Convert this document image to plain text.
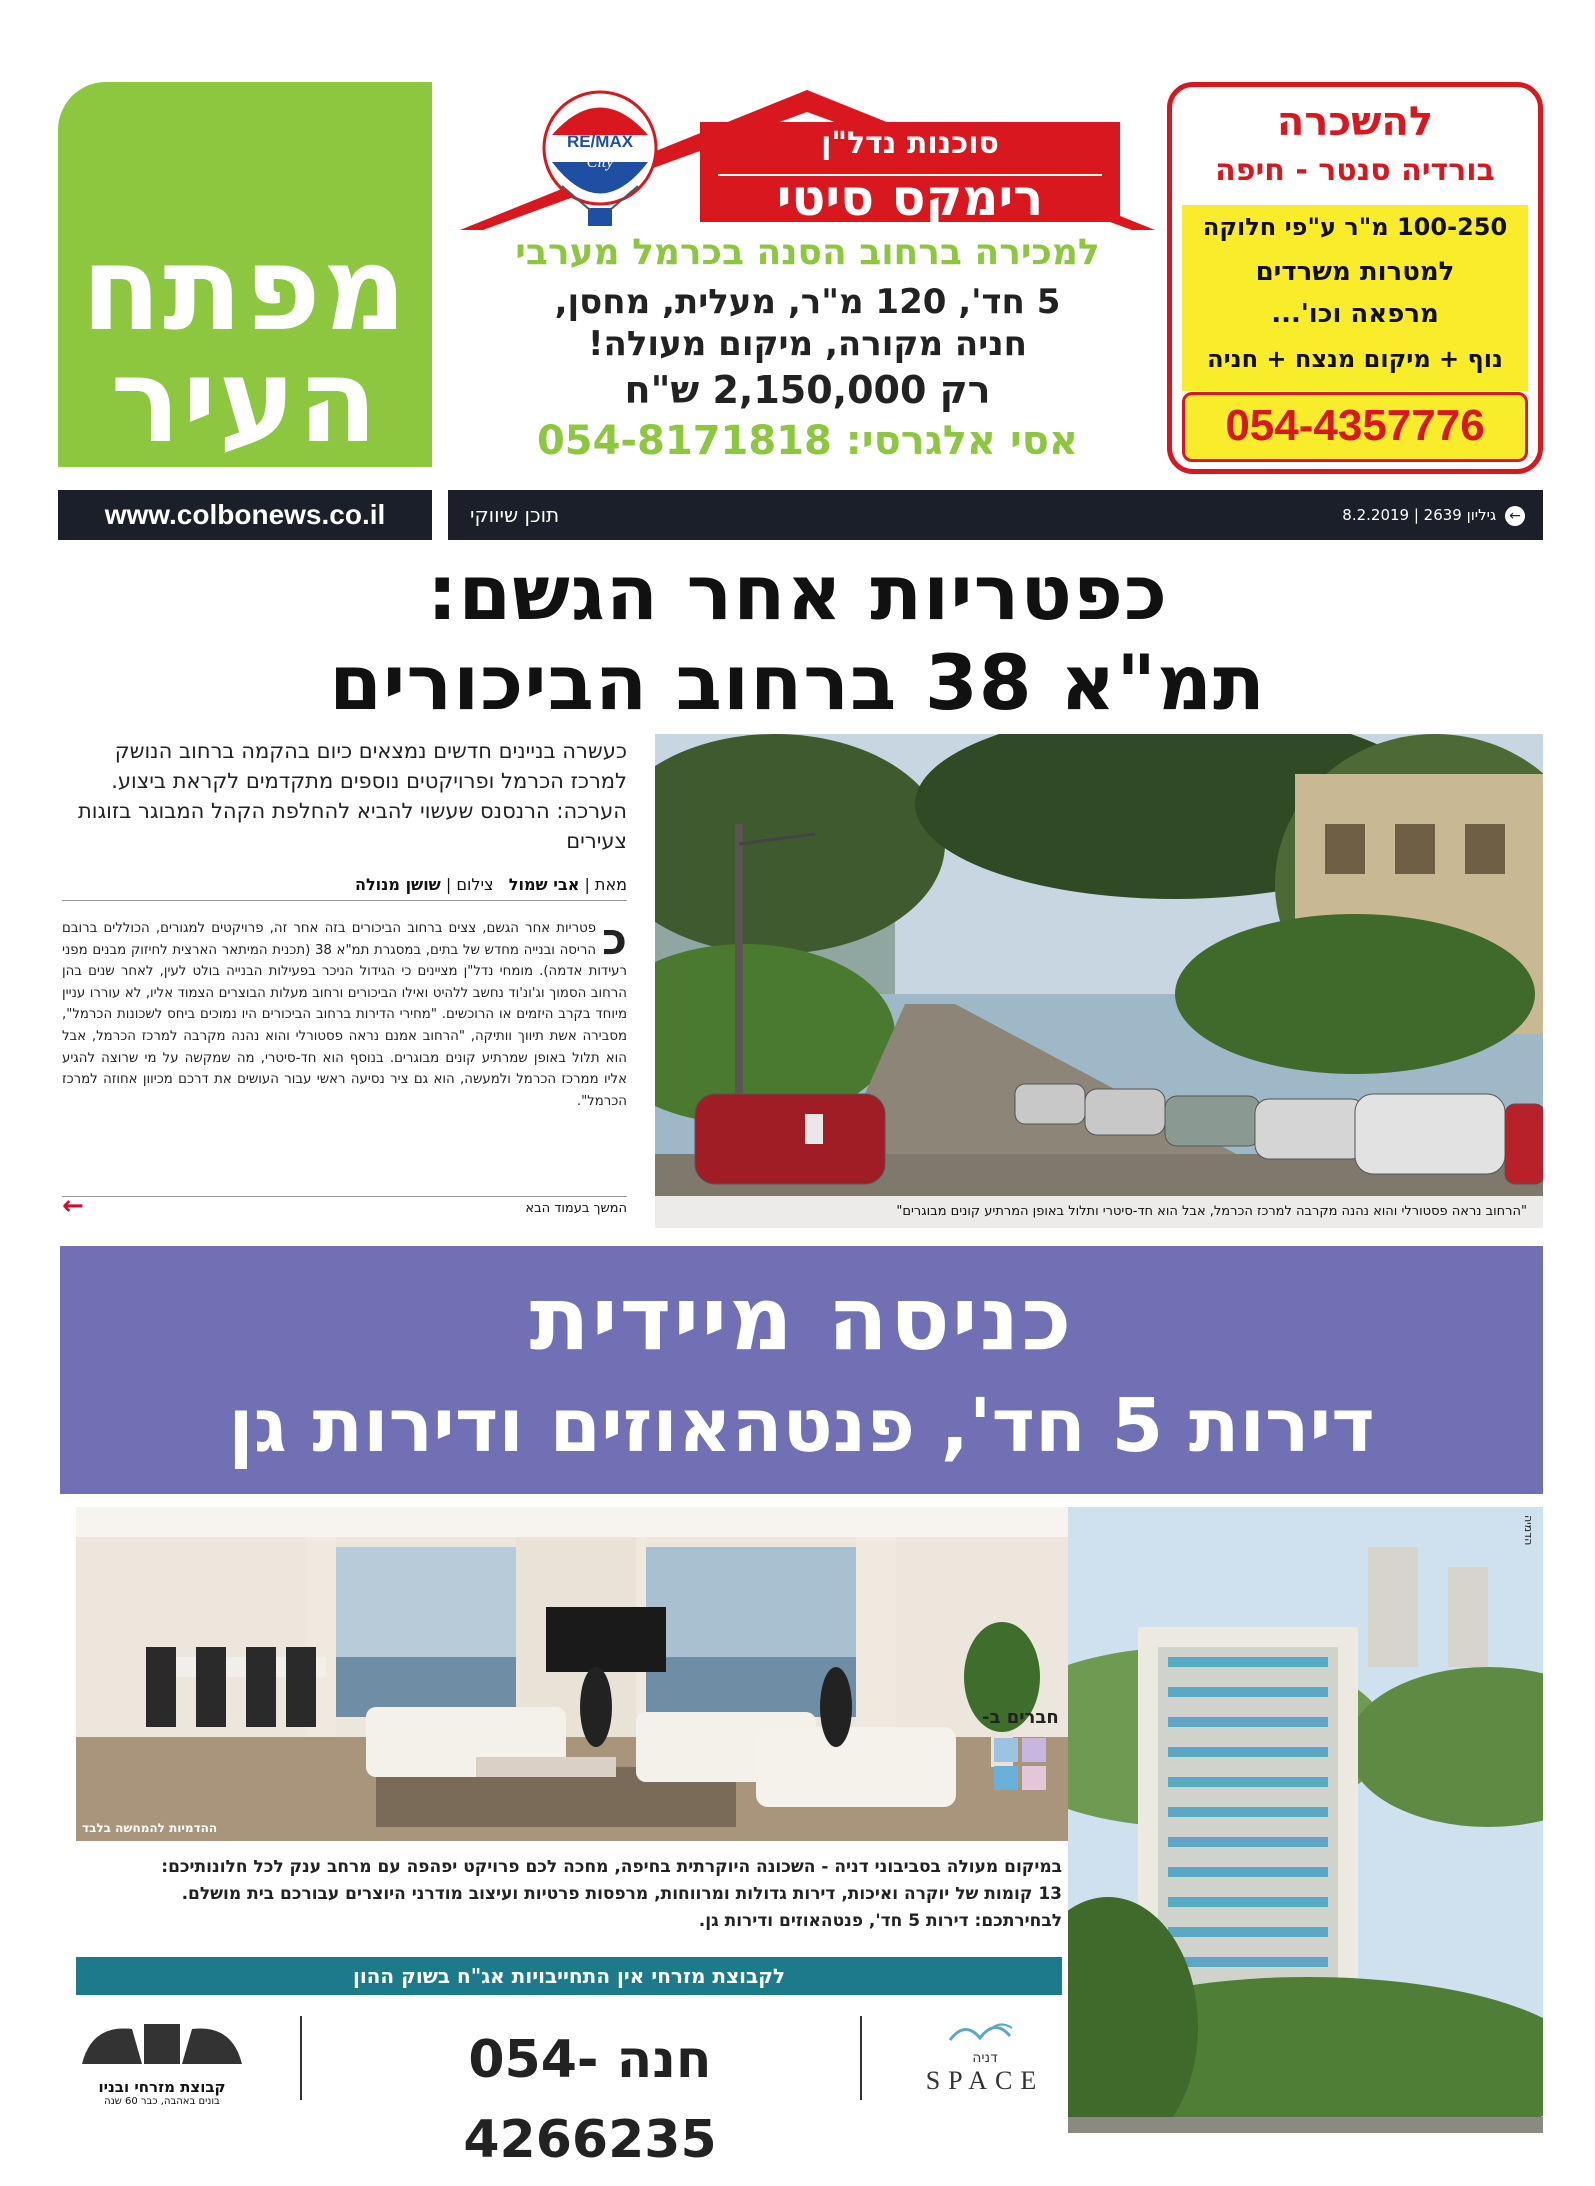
מפתח
העיר
www.colbonews.co.il	תוכן שיווקי	← גיליון 2639 | 8.2.2019
RE/MAX
City
סוכנות נדל"ן
רימקס סיטי
למכירה ברחוב הסנה בכרמל מערבי
5 חד', 120 מ"ר, מעלית, מחסן,
חניה מקורה, מיקום מעולה!
רק 2,150,000 ש"ח
אסי אלגרסי: 054-8171818
להשכרה
בורדיה סנטר - חיפה
100-250 מ"ר ע"פי חלוקה
למטרות משרדים
מרפאה וכו'...
נוף + מיקום מנצח + חניה
054-4357776
כפטריות אחר הגשם:
תמ"א 38 ברחוב הביכורים
כעשרה בניינים חדשים נמצאים כיום בהקמה ברחוב הנושק למרכז הכרמל ופרויקטים נוספים מתקדמים לקראת ביצוע. הערכה: הרנסנס שעשוי להביא להחלפת הקהל המבוגר בזוגות צעירים
מאת | אבי שמול   צילום | שושן מנולה
כ
פטריות אחר הגשם, צצים ברחוב הביכורים בזה אחר זה, פרויקטים למגורים, הכוללים ברובם הריסה ובנייה מחדש של בתים, במסגרת תמ"א 38 (תכנית המיתאר הארצית לחיזוק מבנים מפני רעידות אדמה). מומחי נדל"ן מציינים כי הגידול הניכר בפעילות הבנייה בולט לעין, לאחר שנים בהן הרחוב הסמוך וג'ונ'וד נחשב ללהיט ואילו הביכורים ורחוב מעלות הבוצרים הצמוד אליו, לא עוררו עניין מיוחד בקרב היזמים או הרוכשים. "מחירי הדירות ברחוב הביכורים היו נמוכים ביחס לשכונות הכרמל", מסבירה אשת תיווך וותיקה, "הרחוב אמנם נראה פסטורלי והוא נהנה מקרבה למרכז הכרמל, אבל הוא תלול באופן שמרתיע קונים מבוגרים. בנוסף הוא חד-סיטרי, מה שמקשה על מי שרוצה להגיע אליו ממרכז הכרמל ולמעשה, הוא גם ציר נסיעה ראשי עבור העושים את דרכם מכיוון אחוזה למרכז הכרמל".
המשך בעמוד הבא
←	"הרחוב נראה פסטורלי והוא נהנה מקרבה למרכז הכרמל, אבל הוא חד-סיטרי ותלול באופן המרתיע קונים מבוגרים"
כניסה מיידית
דירות 5 חד', פנטהאוזים ודירות גן
ההדמיות להמחשה בלבד
חברים ב-
הדמיה
במיקום מעולה בסביבוני דניה - השכונה היוקרתית בחיפה, מחכה לכם פרויקט יפהפה עם מרחב ענק לכל חלונותיכם:
13 קומות של יוקרה ואיכות, דירות גדולות ומרווחות, מרפסות פרטיות ועיצוב מודרני היוצרים עבורכם בית מושלם.
לבחירתכם: דירות 5 חד', פנטהאוזים ודירות גן.
לקבוצת מזרחי אין התחייבויות אג"ח בשוק ההון
קבוצת מזרחי ובניו
בונים באהבה, כבר 60 שנה
חנה 054-4266235
דניה
SPACE
